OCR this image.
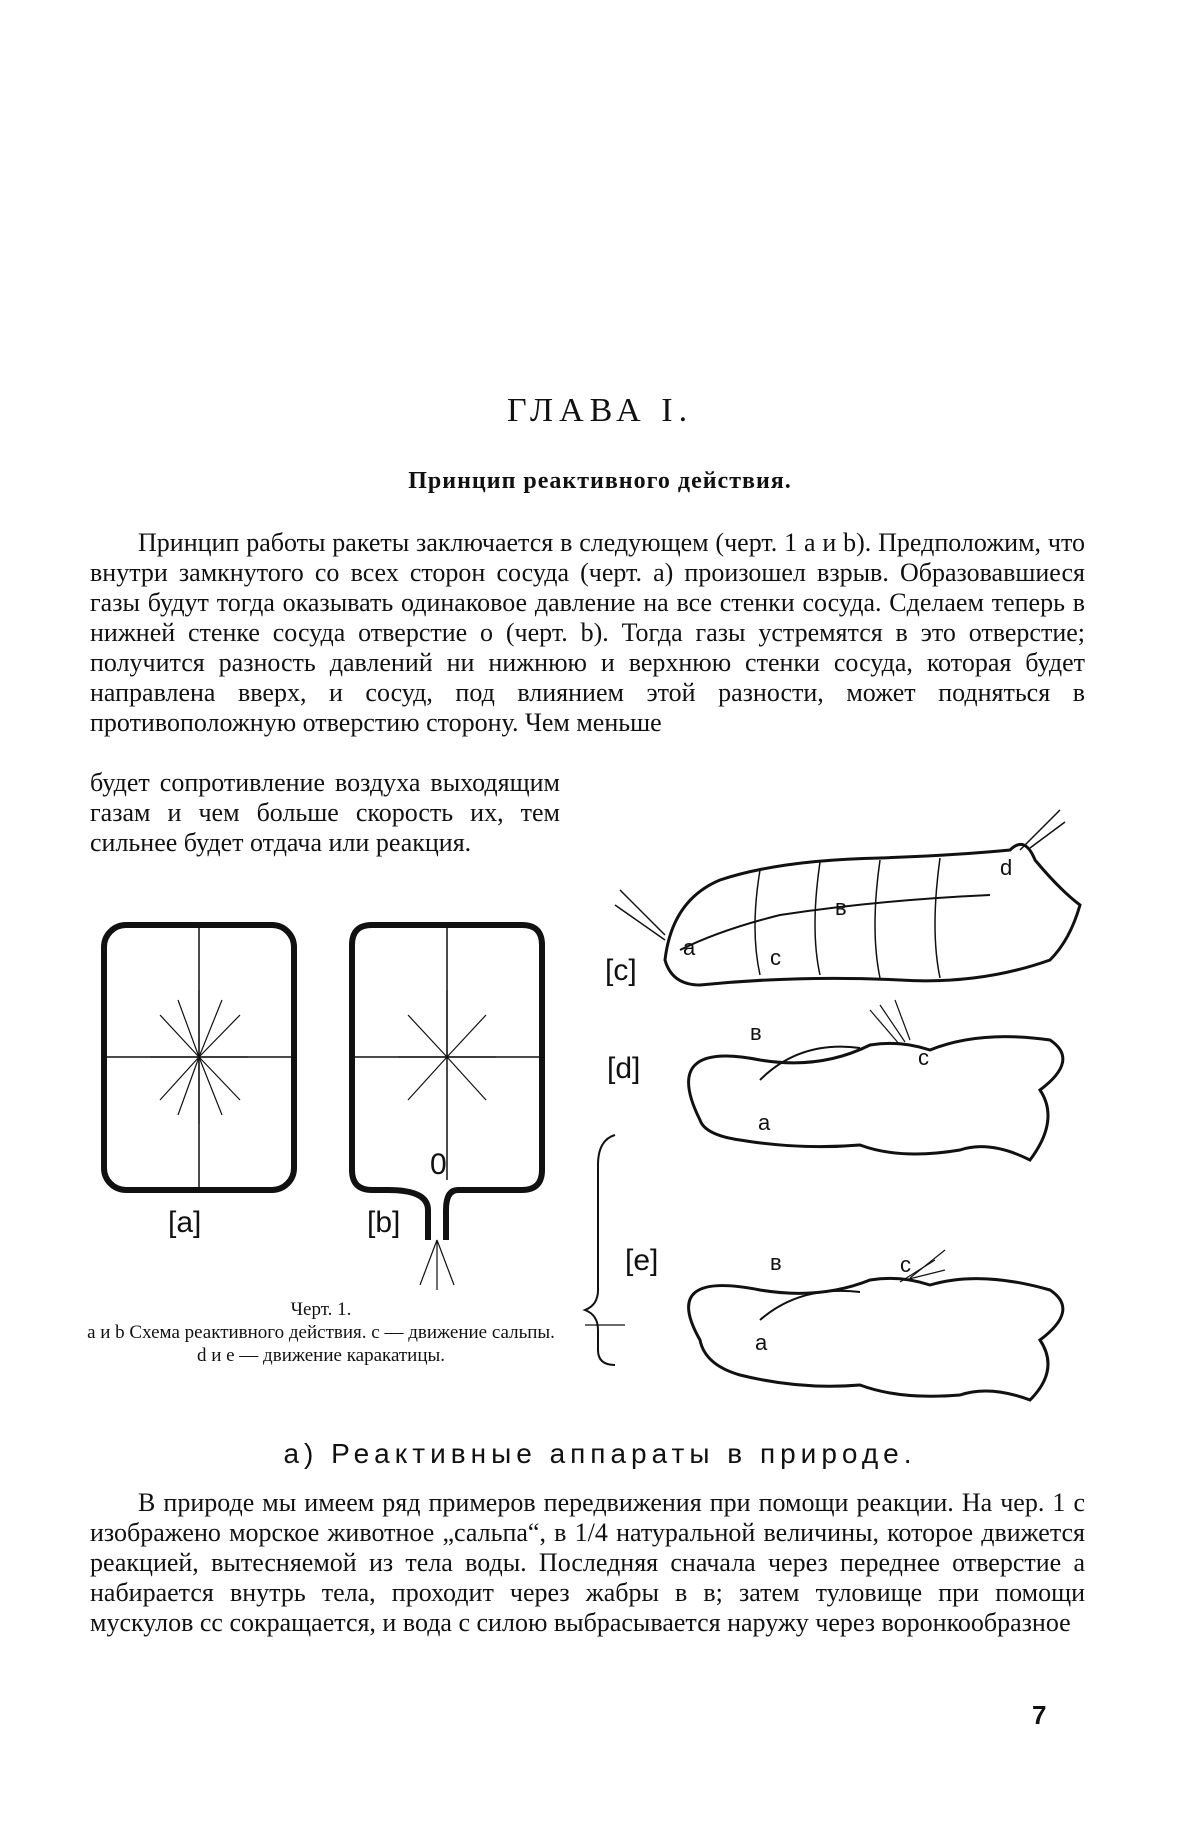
ГЛАВА I.
Принцип реактивного действия.
Принцип работы ракеты заключается в следующем (черт. 1 a и b). Предположим, что внутри замкнутого со всех сторон сосуда (черт. a) произошел взрыв. Образовавшиеся газы будут тогда оказывать одинаковое давление на все стенки сосуда. Сделаем теперь в нижней стенке сосуда отверстие o (черт. b). Тогда газы устремятся в это отверстие; получится разность давлений ни нижнюю и верхнюю стенки сосуда, которая будет направлена вверх, и сосуд, под влиянием этой разности, может подняться в противоположную отверстию сторону. Чем меньше
будет сопротивление воздуха выходящим газам и чем больше скорость их, тем сильнее будет отдача или реакция.
[a]
0
[b]
[c]
a
в
c
d
[d]
в
a
c
[e]	в
a
c
Черт. 1.
a и b Схема реактивного действия. c — движение сальпы. d и e — движение каракатицы.
а) Реактивные аппараты в природе.
В природе мы имеем ряд примеров передвижения при помощи реакции. На чер. 1 c изображено морское животное „сальпа“, в 1/4 натуральной величины, которое движется реакцией, вытесняемой из тела воды. Последняя сначала через переднее отверстие a набирается внутрь тела, проходит через жабры в в; затем туловище при помощи мускулов cc сокращается, и вода с силою выбрасывается наружу через воронкообразное
7
